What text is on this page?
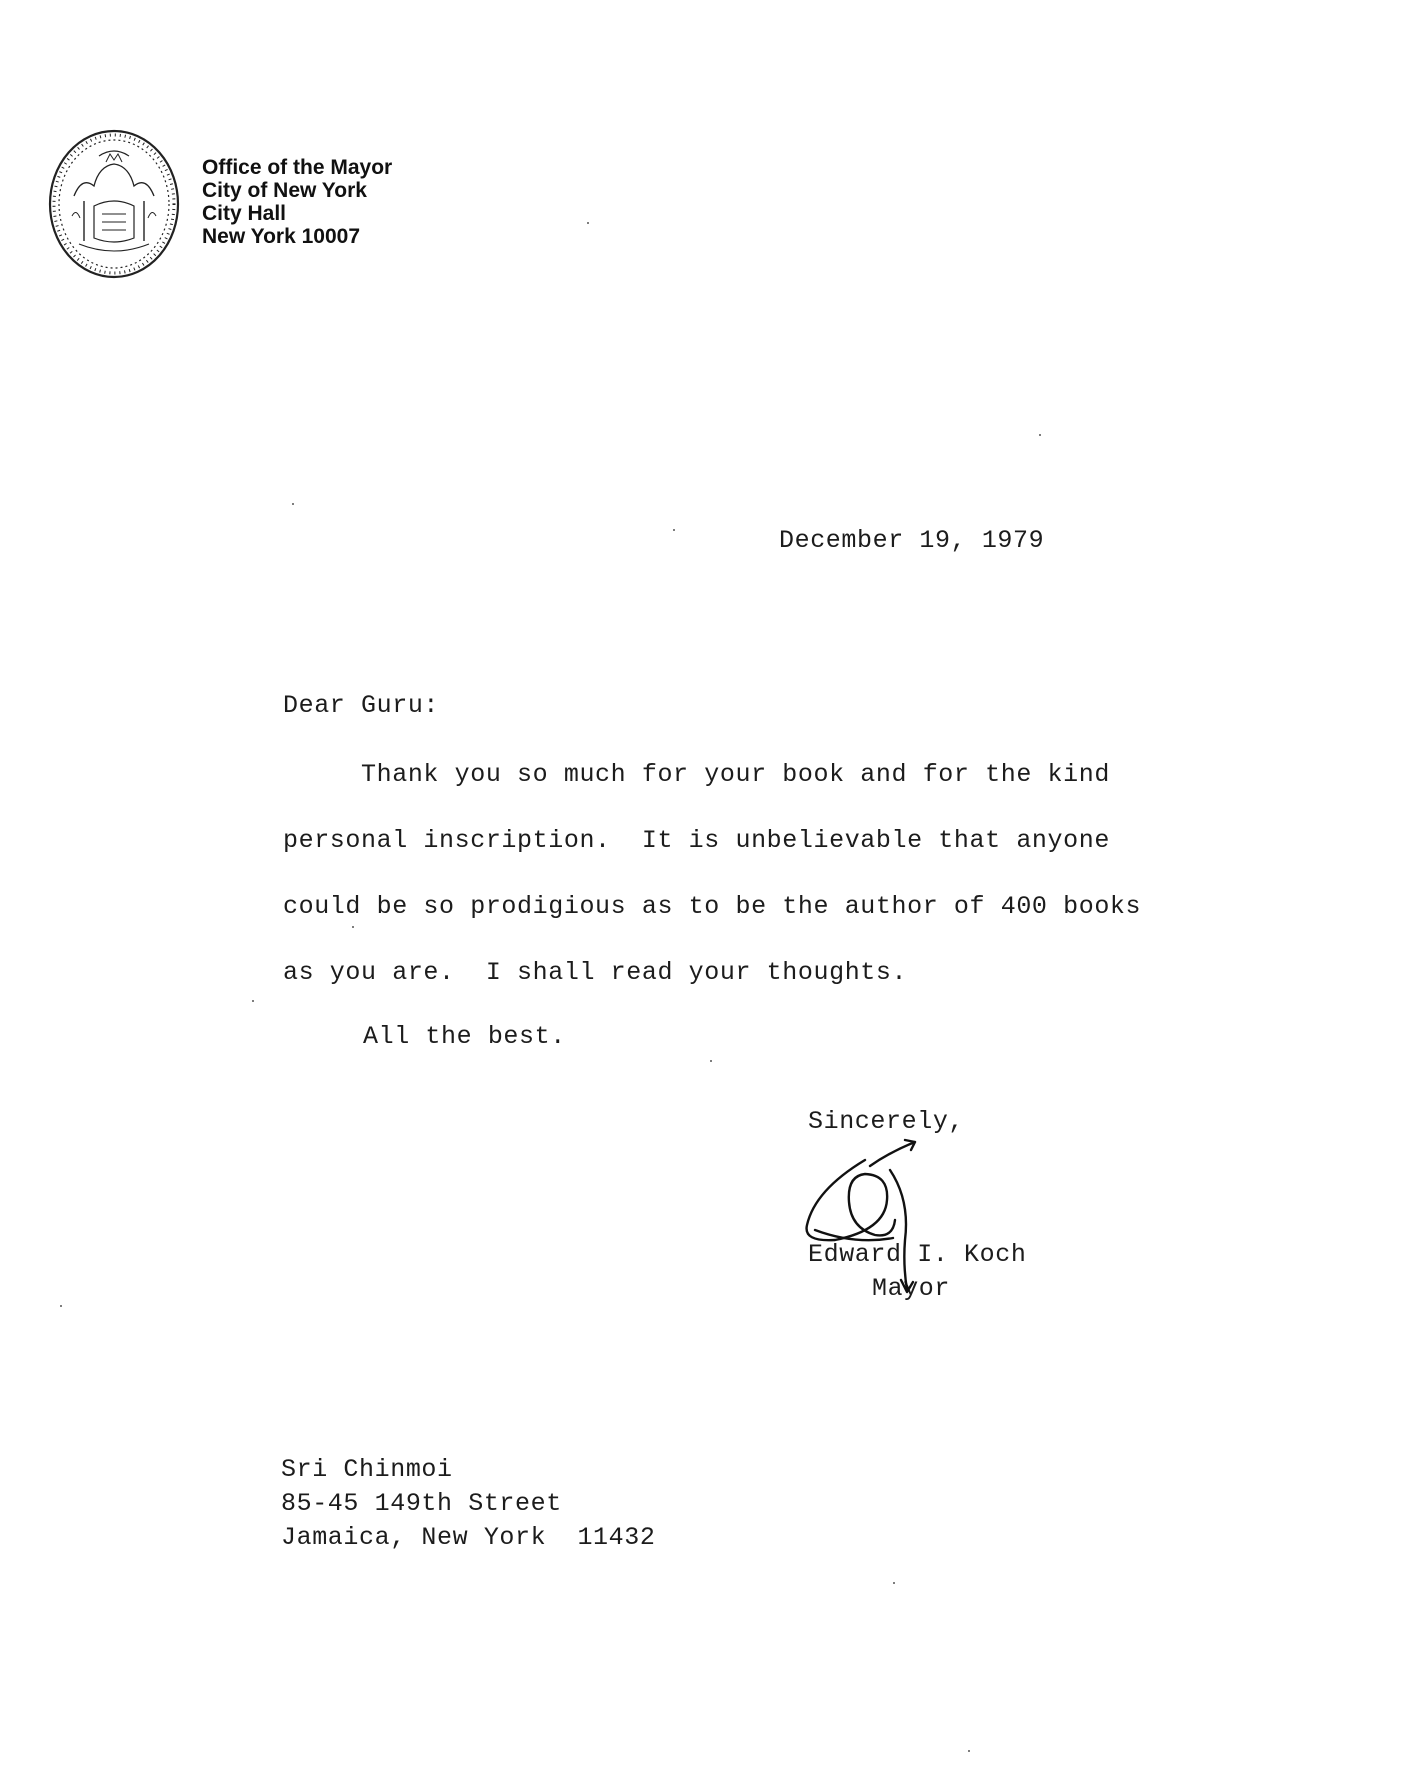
Office of the Mayor
City of New York
City Hall
New York 10007
December 19, 1979
Dear Guru:
Thank you so much for your book and for the kind
personal inscription.  It is unbelievable that anyone
could be so prodigious as to be the author of 400 books
as you are.  I shall read your thoughts.
All the best.
Sincerely,
Edward I. Koch
Mayor
Sri Chinmoi
85-45 149th Street
Jamaica, New York  11432
